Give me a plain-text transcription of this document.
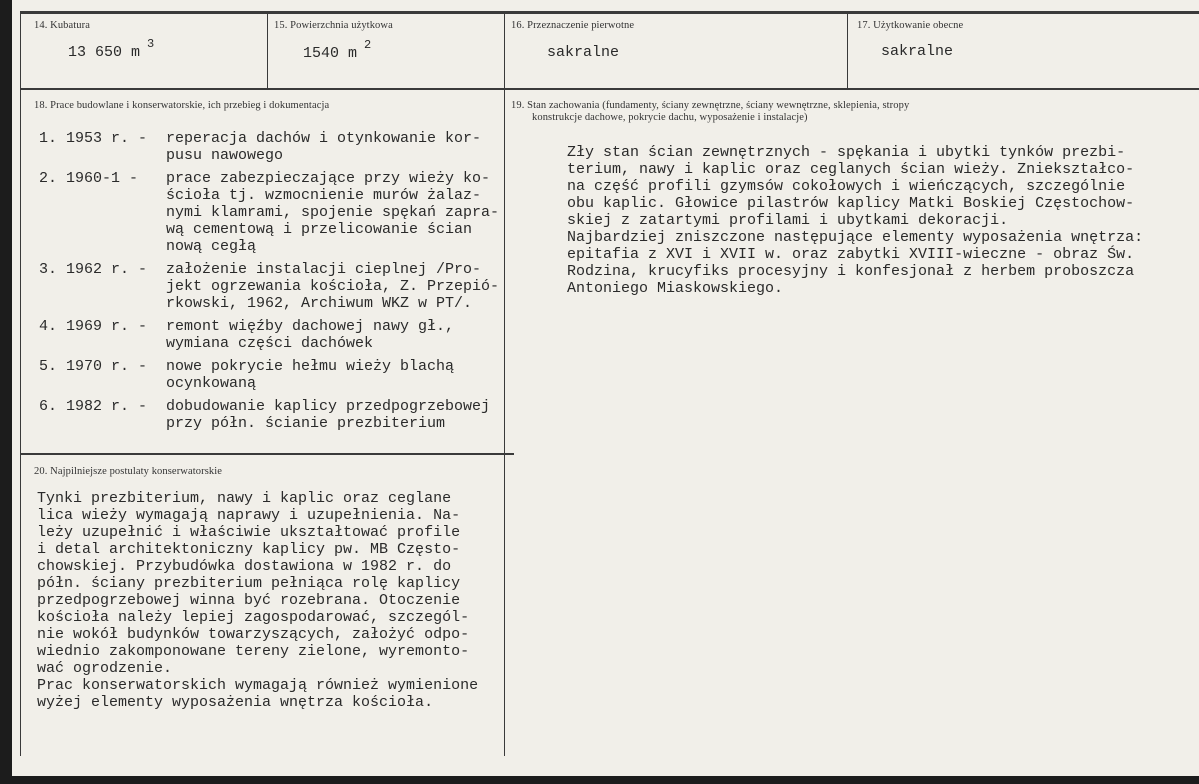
14. Kubatura
13 650 m 3
15. Powierzchnia użytkowa
1540 m 2
16. Przeznaczenie pierwotne
sakralne
17. Użytkowanie obecne
sakralne
18. Prace budowlane i konserwatorskie, ich przebieg i dokumentacja
1. 1953 r. - reperacja dachów i otynkowanie kor-
pusu nawowego
2. 1960-1 - prace zabezpieczające przy wieży ko-
ścioła tj. wzmocnienie murów żalaz-
nymi klamrami, spojenie spękań zapra-
wą cementową i przelicowanie ścian
nową cegłą
3. 1962 r. - założenie instalacji cieplnej /Pro-
jekt ogrzewania kościoła, Z. Przepió-
rkowski, 1962, Archiwum WKZ w PT/.
4. 1969 r. - remont więźby dachowej nawy gł.,
wymiana części dachówek
5. 1970 r. - nowe pokrycie hełmu wieży blachą
ocynkowaną
6. 1982 r. - dobudowanie kaplicy przedpogrzebowej
przy półn. ścianie prezbiterium
19. Stan zachowania (fundamenty, ściany zewnętrzne, ściany wewnętrzne, sklepienia, stropy
konstrukcje dachowe, pokrycie dachu, wyposażenie i instalacje)
Zły stan ścian zewnętrznych - spękania i ubytki tynków prezbi-
terium, nawy i kaplic oraz ceglanych ścian wieży. Zniekształco-
na część profili gzymsów cokołowych i wieńczących, szczególnie
obu kaplic. Głowice pilastrów kaplicy Matki Boskiej Częstochow-
skiej z zatartymi profilami i ubytkami dekoracji.
Najbardziej zniszczone następujące elementy wyposażenia wnętrza:
epitafia z XVI i XVII w. oraz zabytki XVIII-wieczne - obraz Św.
Rodzina, krucyfiks procesyjny i konfesjonał z herbem proboszcza
Antoniego Miaskowskiego.
20. Najpilniejsze postulaty konserwatorskie
Tynki prezbiterium, nawy i kaplic oraz ceglane
lica wieży wymagają naprawy i uzupełnienia. Na-
leży uzupełnić i właściwie ukształtować profile
i detal architektoniczny kaplicy pw. MB Często-
chowskiej. Przybudówka dostawiona w 1982 r. do
półn. ściany prezbiterium pełniąca rolę kaplicy
przedpogrzebowej winna być rozebrana. Otoczenie
kościoła należy lepiej zagospodarować, szczegól-
nie wokół budynków towarzyszących, założyć odpo-
wiednio zakomponowane tereny zielone, wyremonto-
wać ogrodzenie.
Prac konserwatorskich wymagają również wymienione
wyżej elementy wyposażenia wnętrza kościoła.
